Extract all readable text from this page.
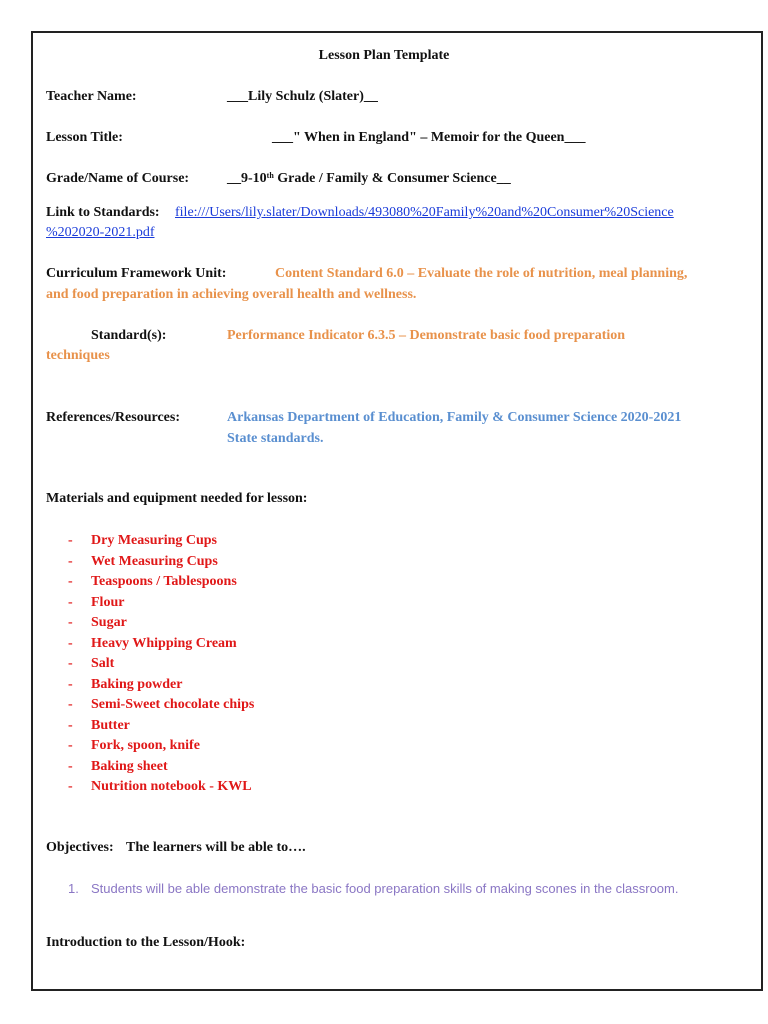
Lesson Plan Template
Teacher Name:	___Lily Schulz (Slater)__
Lesson Title:	___" When in England" – Memoir for the Queen___
Grade/Name of Course:	__9-10th Grade / Family & Consumer Science__
Link to Standards: file:///Users/lily.slater/Downloads/493080%20Family%20and%20Consumer%20Science
%202020-2021.pdf
Curriculum Framework Unit:	Content Standard 6.0 – Evaluate the role of nutrition, meal planning,
and food preparation in achieving overall health and wellness.
Standard(s):	Performance Indicator 6.3.5 – Demonstrate basic food preparation
techniques
References/Resources:	Arkansas Department of Education, Family & Consumer Science 2020-2021
State standards.
Materials and equipment needed for lesson:
- Dry Measuring Cups
- Wet Measuring Cups
- Teaspoons / Tablespoons
- Flour
- Sugar
- Heavy Whipping Cream
- Salt
- Baking powder
- Semi-Sweet chocolate chips
- Butter
- Fork, spoon, knife
- Baking sheet
- Nutrition notebook - KWL
Objectives: The learners will be able to….
1. Students will be able demonstrate the basic food preparation skills of making scones in the classroom.
Introduction to the Lesson/Hook:
